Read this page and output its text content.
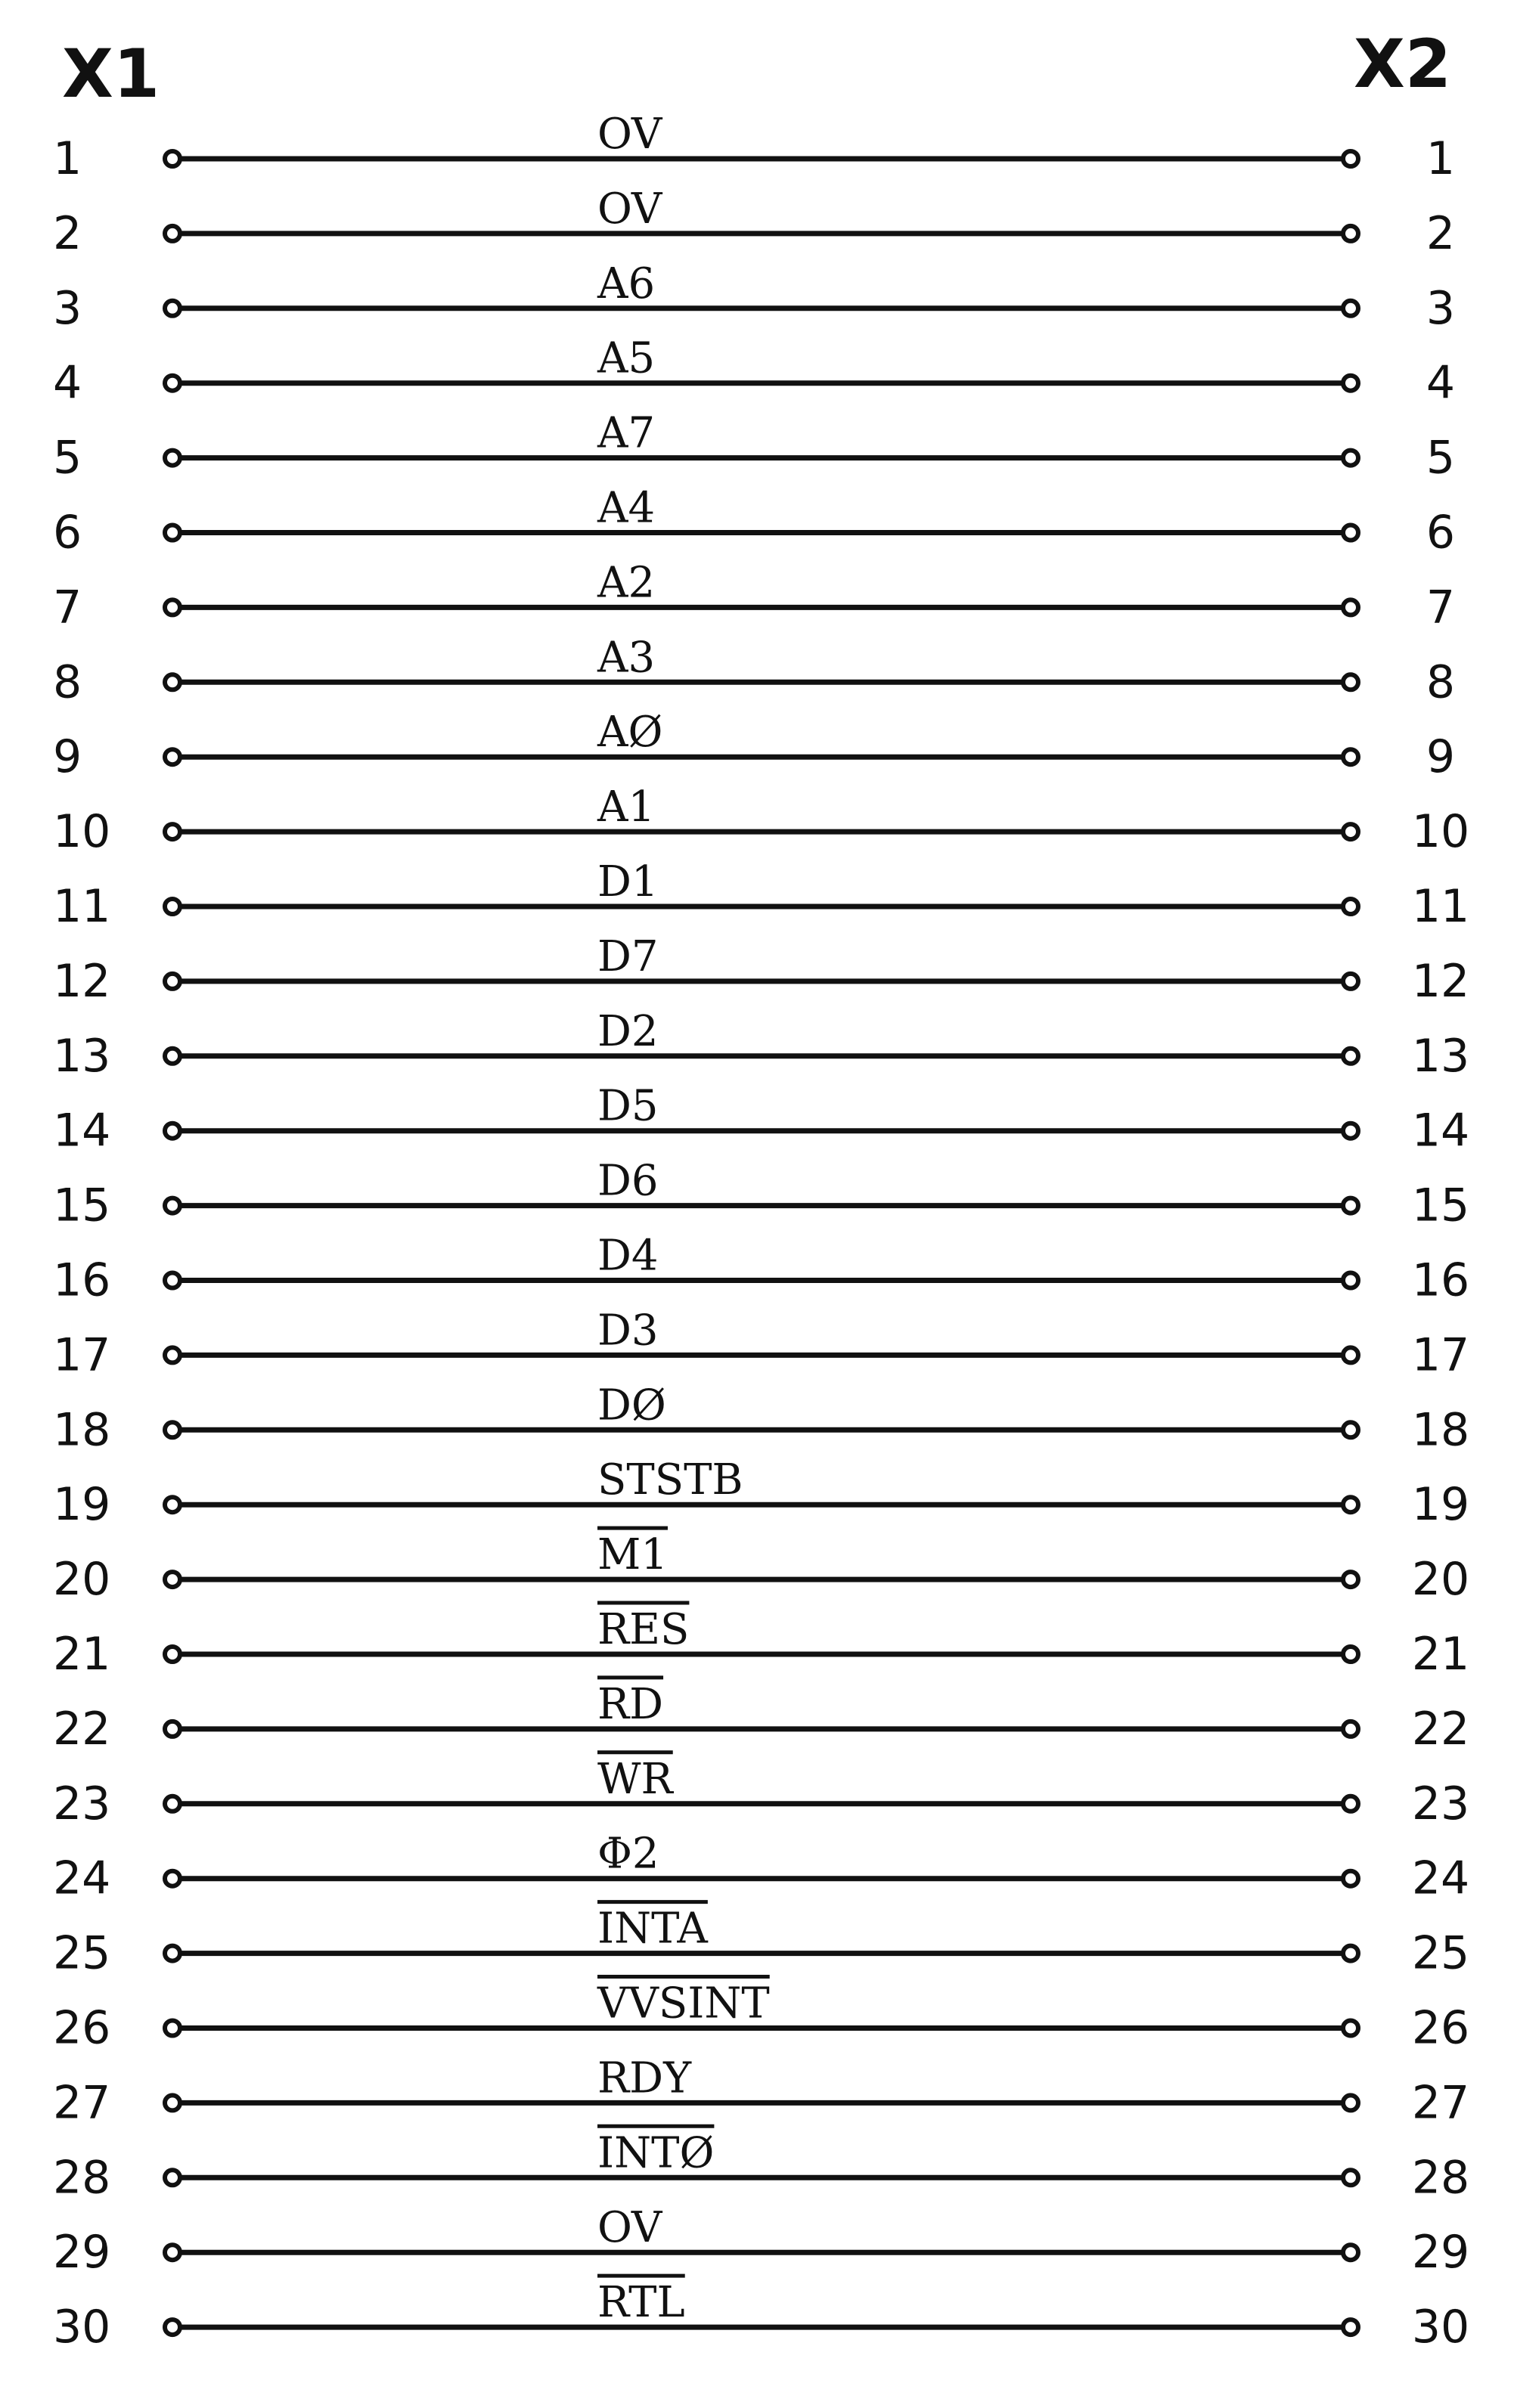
X1	X2
1	OV	1
2	OV	2
3	A6	3
4	A5	4
5	A7	5
6	A4	6
7	A2	7
8	A3	8
9	AØ	9
10	A1	10
11	D1	11
12	D7	12
13	D2	13
14	D5	14
15	D6	15
16	D4	16
17	D3	17
18	DØ	18
19	STSTB	19
20	M1	20
21	RES	21
22	RD	22
23	WR	23
24	Φ2	24
25	INTA	25
26	VVSINT	26
27	RDY	27
28	INTØ	28
29	OV	29
30	RTL	30
